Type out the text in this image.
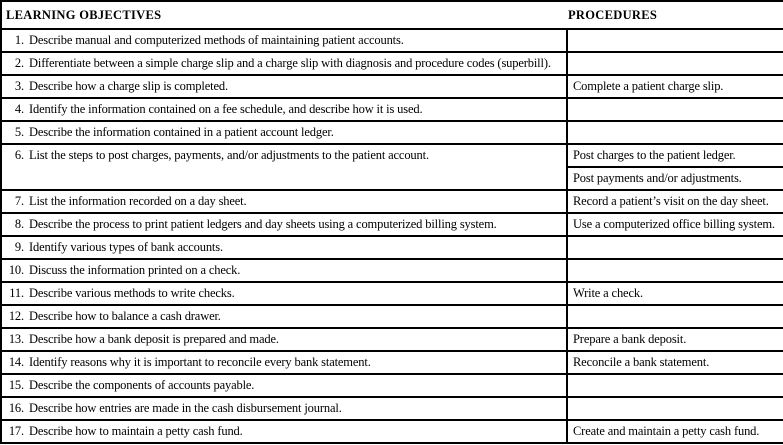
LEARNING OBJECTIVES	PROCEDURES
1. Describe manual and computerized methods of maintaining patient accounts.	
2. Differentiate between a simple charge slip and a charge slip with diagnosis and procedure codes (superbill).	
3. Describe how a charge slip is completed.	Complete a patient charge slip.
4. Identify the information contained on a fee schedule, and describe how it is used.	
5. Describe the information contained in a patient account ledger.	
6. List the steps to post charges, payments, and/or adjustments to the patient account.	Post charges to the patient ledger.
	Post payments and/or adjustments.
7. List the information recorded on a day sheet.	Record a patient’s visit on the day sheet.
8. Describe the process to print patient ledgers and day sheets using a computerized billing system.	Use a computerized office billing system.
9. Identify various types of bank accounts.	
10. Discuss the information printed on a check.	
11. Describe various methods to write checks.	Write a check.
12. Describe how to balance a cash drawer.	
13. Describe how a bank deposit is prepared and made.	Prepare a bank deposit.
14. Identify reasons why it is important to reconcile every bank statement.	Reconcile a bank statement.
15. Describe the components of accounts payable.	
16. Describe how entries are made in the cash disbursement journal.	
17. Describe how to maintain a petty cash fund.	Create and maintain a petty cash fund.
